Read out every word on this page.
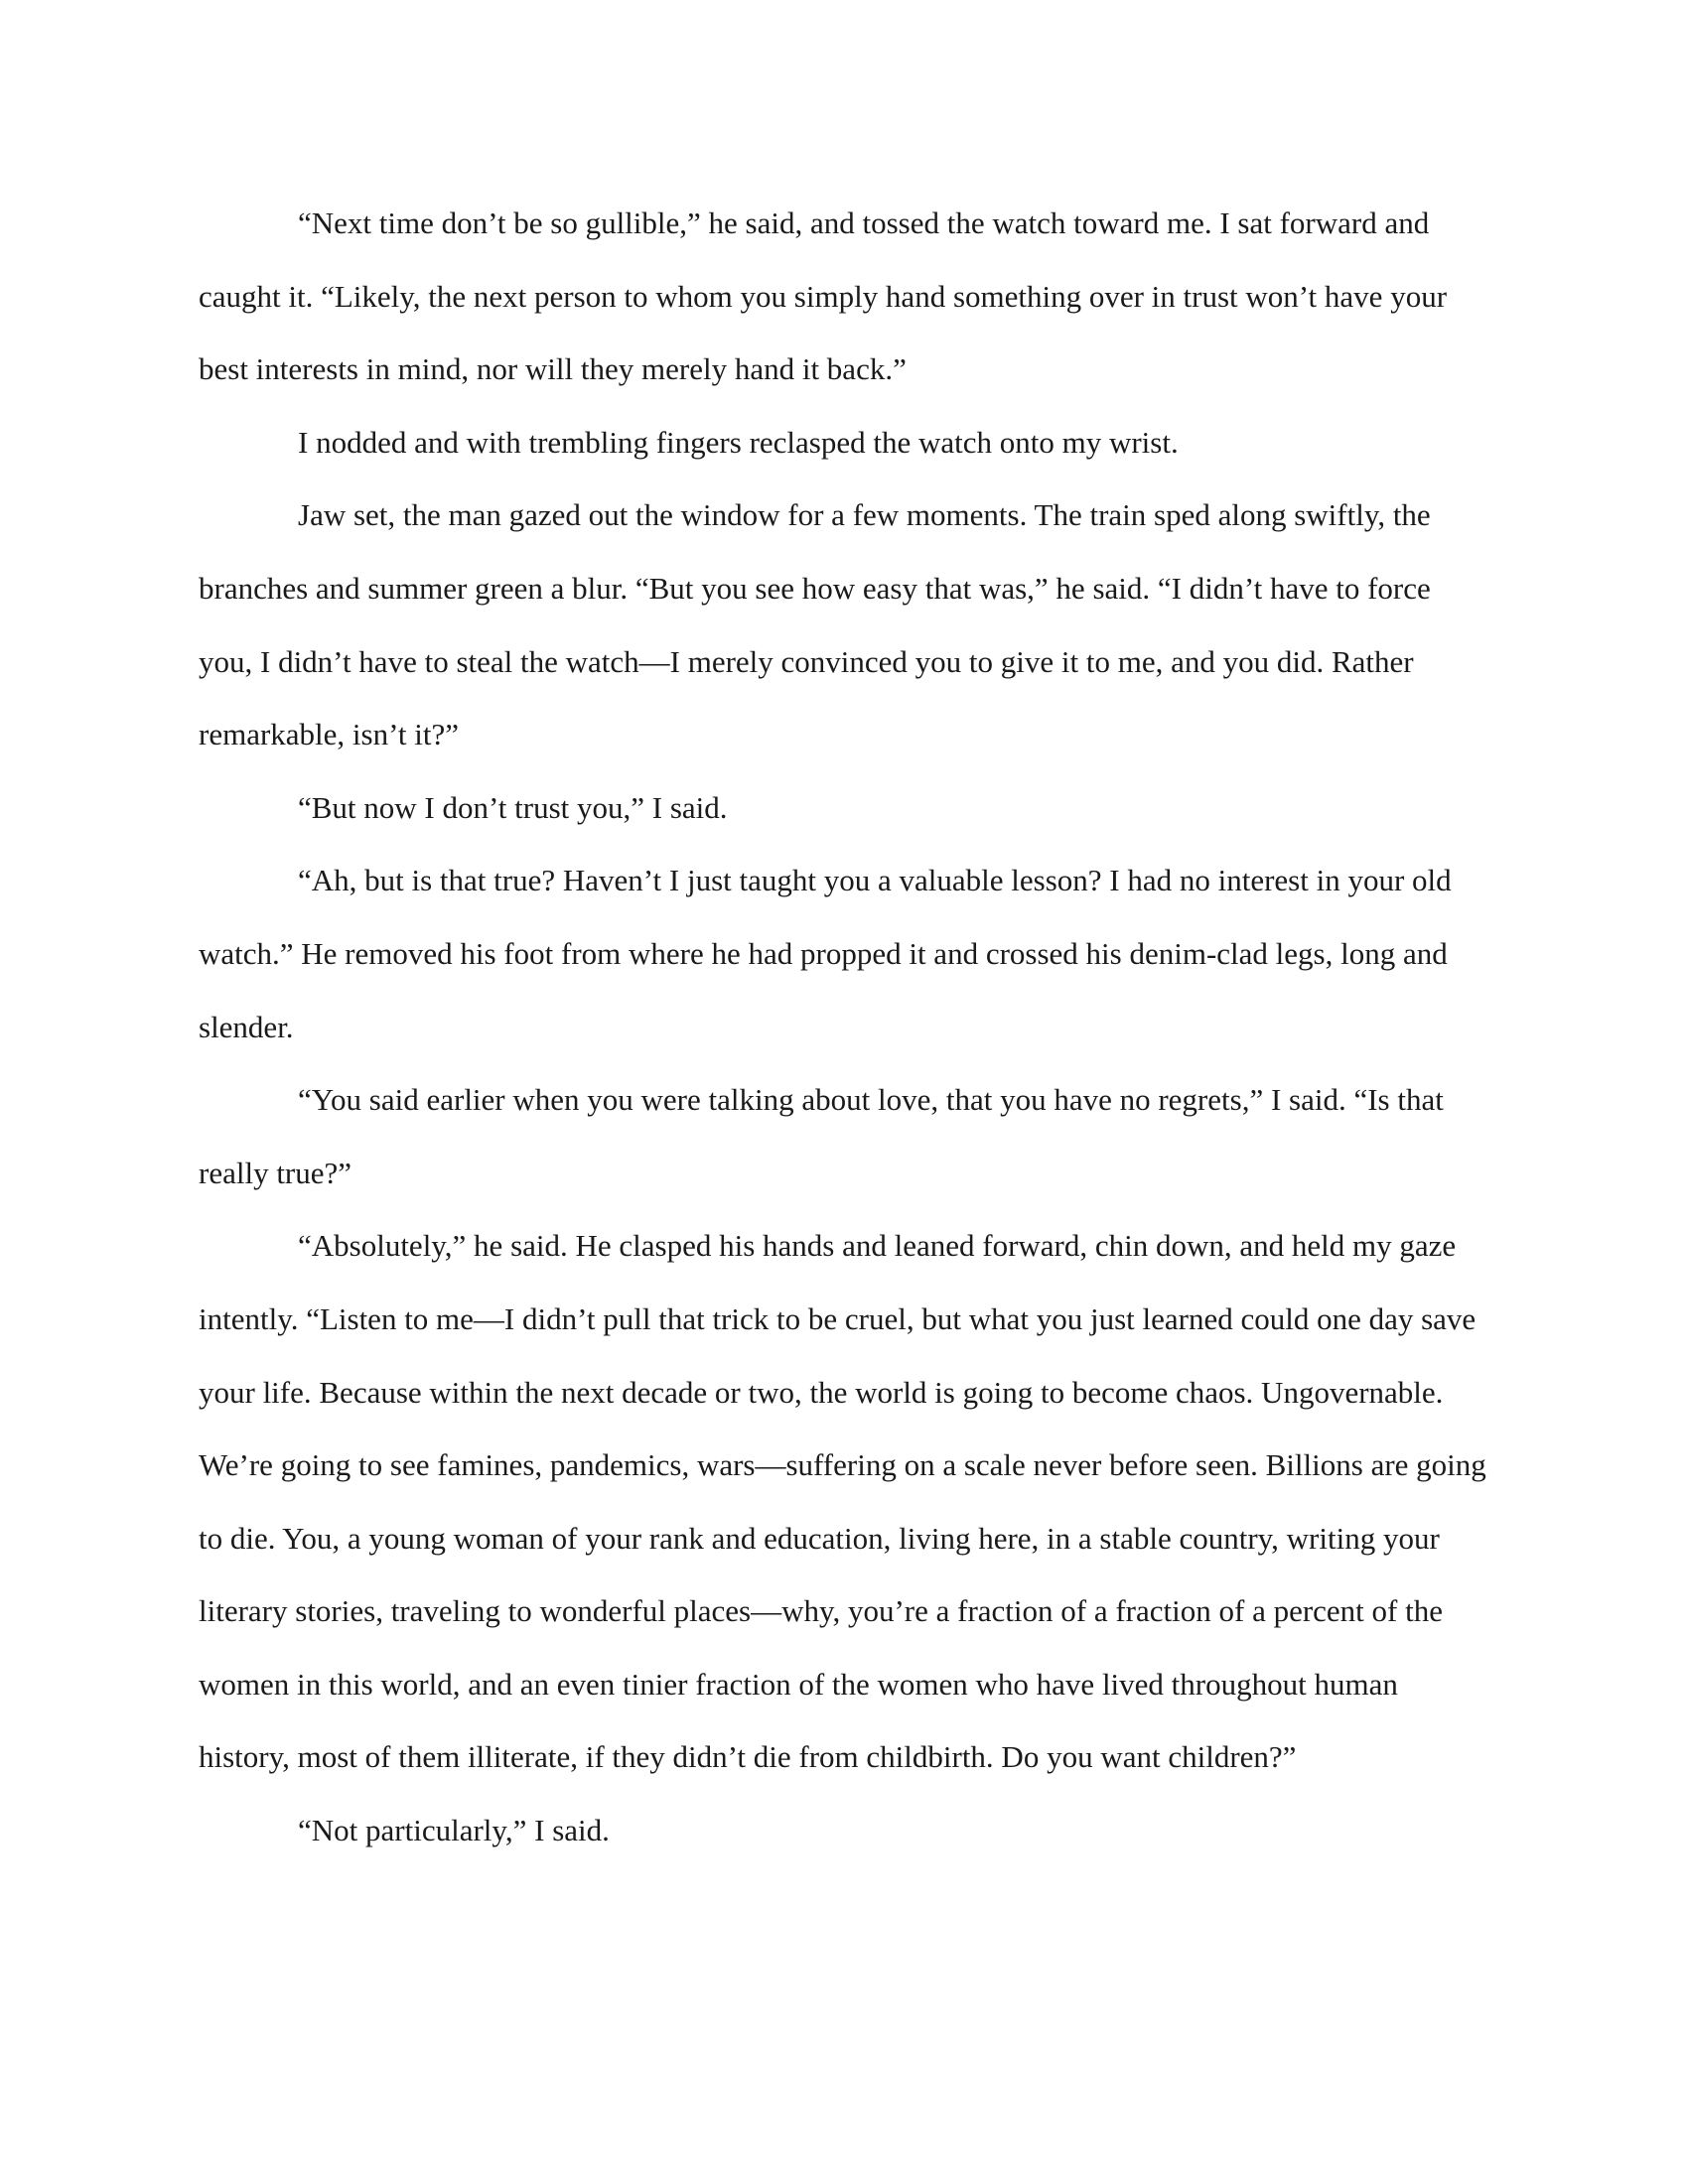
“Next time don’t be so gullible,” he said, and tossed the watch toward me. I sat forward and caught it. “Likely, the next person to whom you simply hand something over in trust won’t have your best interests in mind, nor will they merely hand it back.”

I nodded and with trembling fingers reclasped the watch onto my wrist.

Jaw set, the man gazed out the window for a few moments. The train sped along swiftly, the branches and summer green a blur. “But you see how easy that was,” he said. “I didn’t have to force you, I didn’t have to steal the watch—I merely convinced you to give it to me, and you did. Rather remarkable, isn’t it?”

“But now I don’t trust you,” I said.

“Ah, but is that true? Haven’t I just taught you a valuable lesson? I had no interest in your old watch.” He removed his foot from where he had propped it and crossed his denim-clad legs, long and slender.

“You said earlier when you were talking about love, that you have no regrets,” I said. “Is that really true?”

“Absolutely,” he said. He clasped his hands and leaned forward, chin down, and held my gaze intently. “Listen to me—I didn’t pull that trick to be cruel, but what you just learned could one day save your life. Because within the next decade or two, the world is going to become chaos. Ungovernable. We’re going to see famines, pandemics, wars—suffering on a scale never before seen. Billions are going to die. You, a young woman of your rank and education, living here, in a stable country, writing your literary stories, traveling to wonderful places—why, you’re a fraction of a fraction of a percent of the women in this world, and an even tinier fraction of the women who have lived throughout human history, most of them illiterate, if they didn’t die from childbirth. Do you want children?”

“Not particularly,” I said.
